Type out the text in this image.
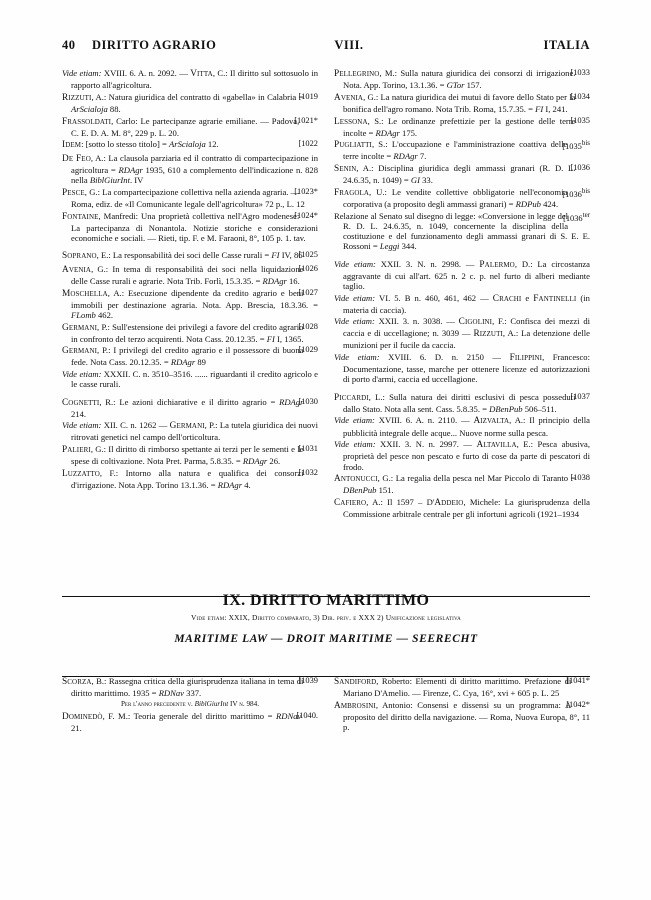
40	DIRITTO AGRARIO	VIII.	ITALIA
Vide etiam: XVIII. 6. A. n. 2092. — Vitta, C.: Il diritto sul sottosuolo in rapporto all'agricoltura.
[1019
Rizzuti, A.: Natura giuridica del contratto di «gabella» in Calabria = ArScialoja 88.
[1021*
Frassoldati, Carlo: Le partecipanze agrarie emiliane. — Padova, C. E. D. A. M. 8°, 229 p. L. 20.
[1022
Idem: [sotto lo stesso titolo] = ArScialoja 12.
De Feo, A.: La clausola parziaria ed il contratto di compartecipazione in agricoltura = RDAgr 1935, 610 a complemento dell'indicazione n. 828 nella BiblGiurInt. IV
[1023*
Pesce, G.: La compartecipazione collettiva nella azienda agraria. — Roma, ediz. de «Il Comunicante legale dell'agricoltura» 72 p., L. 12
[1024*
Fontaine, Manfredi: Una proprietà collettiva nell'Agro modenese: La partecipanza di Nonantola. Notizie storiche e considerazioni economiche e sociali. — Rieti, tip. F. e M. Faraoni, 8°, 105 p. 1. tav.
[1025
Soprano, E.: La responsabilità dei soci delle Casse rurali = FI IV, 86
[1026
Avenia, G.: In tema di responsabilità dei soci nella liquidazione delle Casse rurali e agrarie. Nota Trib. Forlì, 15.3.35. = RDAgr 16.
[1027
Moschella, A.: Esecuzione dipendente da credito agrario e beni immobili per destinazione agraria. Nota. App. Brescia, 18.3.36. = FLomb 462.
[1028
Germani, P.: Sull'estensione dei privilegi a favore del credito agrario in confronto del terzo acquirenti. Nota Cass. 20.12.35. = FI I, 1365.
[1029
Germani, P.: I privilegi del credito agrario e il possessore di buona fede. Nota Cass. 20.12.35. = RDAgr 89
Vide etiam: XXXII. C. n. 3510–3516. ...... riguardanti il credito agricolo e le casse rurali.
[1030
Cognetti, R.: Le azioni dichiarative e il diritto agrario = RDAgr 214.
Vide etiam: XII. C. n. 1262 — Germani, P.: La tutela giuridica dei nuovi ritrovati genetici nel campo dell'orticoltura.
[1031
Palieri, G.: Il diritto di rimborso spettante ai terzi per le sementi e le spese di coltivazione. Nota Pret. Parma, 5.8.35. = RDAgr 26.
[1032
Luzzatto, F.: Intorno alla natura e qualifica dei consorzi d'irrigazione. Nota App. Torino 13.1.36. = RDAgr 4.
[1033
Pellegrino, M.: Sulla natura giuridica dei consorzi di irrigazione. Nota. App. Torino, 13.1.36. = GTor 157.
[1034
Avenia, G.: La natura giuridica dei mutui di favore dello Stato per la bonifica dell'agro romano. Nota Trib. Roma, 15.7.35. = FI I, 241.
[1035
Lessona, S.: Le ordinanze prefettizie per la gestione delle terre incolte = RDAgr 175.
[$1035^{bis}$
Pugliatti, S.: L'occupazione e l'amministrazione coattiva delle terre incolte = RDAgr 7.
[1036
Senin, A.: Disciplina giuridica degli ammassi granari (R. D. L. 24.6.35, n. 1049) = GI 33.
[$1036^{bis}$
Fragola, U.: Le vendite collettive obbligatorie nell'economia corporativa (a proposito degli ammassi granari) = RDPub 424.
[$1036^{ter}$
Relazione al Senato sul disegno di legge: «Conversione in legge del R. D. L. 24.6.35, n. 1049, concernente la disciplina della costituzione e del funzionamento degli ammassi granari di S. E. E. Rossoni = Leggi 344.
Vide etiam: XXII. 3. N. n. 2998. — Palermo, D.: La circostanza aggravante di cui all'art. 625 n. 2 c. p. nel furto di alberi mediante taglio.
Vide etiam: VI. 5. B n. 460, 461, 462 — Crachi e Fantinelli (in materia di caccia).
Vide etiam: XXII. 3. n. 3038. — Cigolini, F.: Confisca dei mezzi di caccia e di uccellagione; n. 3039 — Rizzuti, A.: La detenzione delle munizioni per il fucile da caccia.
Vide etiam: XVIII. 6. D. n. 2150 — Filippini, Francesco: Documentazione, tasse, marche per ottenere licenze ed autorizzazioni di porto d'armi, caccia ed uccellagione.
[1037
Piccardi, L.: Sulla natura dei diritti esclusivi di pesca posseduti dallo Stato. Nota alla sent. Cass. 5.8.35. = DBenPub 506–511.
Vide etiam: XVIII. 6. A. n. 2110. — Aizvalta, A.: Il principio della pubblicità integrale delle acque... Nuove norme sulla pesca.
Vide etiam: XXII. 3. N. n. 2997. — Altavilla, E.: Pesca abusiva, proprietà del pesce non pescato e furto di cose da parte di pescatori di frodo.
[1038
Antonucci, G.: La regalia della pesca nel Mar Piccolo di Taranto = DBenPub 151.
Cafiero, A.: Il 1597 – D'Addeio, Michele: La giurisprudenza della Commissione arbitrale centrale per gli infortuni agricoli (1921–1934
IX. DIRITTO MARITTIMO
Vide etiam: XXIX, Diritto comparato, 3) Dir. priv. e XXX 2) Unificazione legislativa
MARITIME LAW — DROIT MARITIME — SEERECHT
[1039
Scorza, B.: Rassegna critica della giurisprudenza italiana in tema di diritto marittimo. 1935 = RDNav 337.
Per l'anno precedente v. BiblGiurInt IV n. 984.
[1040.
Dominedò, F. M.: Teoria generale del diritto marittimo = RDNav 21.
[1041*
Sandiford, Roberto: Elementi di diritto marittimo. Prefazione di Mariano D'Amelio. — Firenze, C. Cya, 16°, xvi + 605 p. L. 25
[1042*
Ambrosini, Antonio: Consensi e dissensi su un programma: A proposito del diritto della navigazione. — Roma, Nuova Europa, 8°, 11 p.
